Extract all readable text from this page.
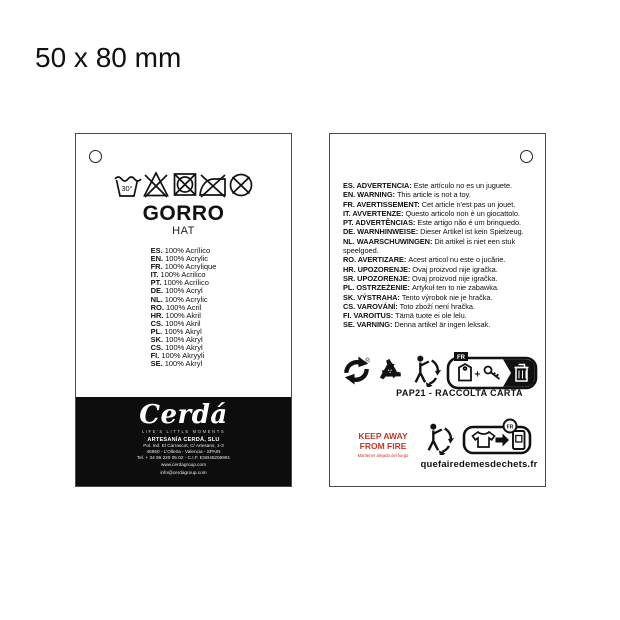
50 x 80 mm
30°
GORRO
HAT
ES. 100% Acrílico
EN. 100% Acrylic
FR. 100% Acrylique
IT. 100% Acrilico
PT. 100% Acrílico
DE. 100% Acryl
NL. 100% Acrylic
RO. 100% Acril
HR. 100% Akril
CS. 100% Akril
PL. 100% Akryl
SK. 100% Akryl
CS. 100% Akryl
FI. 100% Akryyli
SE. 100% Akryl
Cerdá
LIFE'S LITTLE MOMENTS
ARTESANÍA CERDÁ, SLU
Pol. Ind. El Carrascot, C/ Artesans, 1-3
46850 - L'Olleria - Valencia - SPAIN
Tel. + 34 96 220 05 02 - C.I.F. ESB46206991
www.cerdagroup.com
info@cerdagroup.com
ES. ADVERTENCIA: Este artículo no es un juguete.
EN. WARNING: This article is not a toy.
FR. AVERTISSEMENT: Cet article n'est pas un jouet.
IT. AVVERTENZE: Questo articolo non è un giocattolo.
PT. ADVERTÊNCIAS: Este artigo não é um brinquedo.
DE. WARNHINWEISE: Dieser Artikel ist kein Spielzeug.
NL. WAARSCHUWINGEN: Dit artikel is niet een stuk speelgoed.
RO. AVERTIZARE: Acest articol nu este o jucărie.
HR. UPOZORENJE: Ovaj proizvod nije igračka.
SR. UPOZORENJE: Ovaj proizvod nije igračka.
PL. OSTRZEŻENIE: Artykuł ten to nie zabawka.
SK. VÝSTRAHA: Tento výrobok nie je hračka.
CS. VAROVÁNÍ: Toto zboží není hračka.
FI. VAROITUS: Tämä tuote ei ole lelu.
SE. VARNING: Denna artikel är ingen leksak.
®	FR
+
PAP21 - RACCOLTA CARTA
KEEP AWAY
FROM FIRE
Mantener alejado del fuego
FR
quefairedemesdechets.fr
